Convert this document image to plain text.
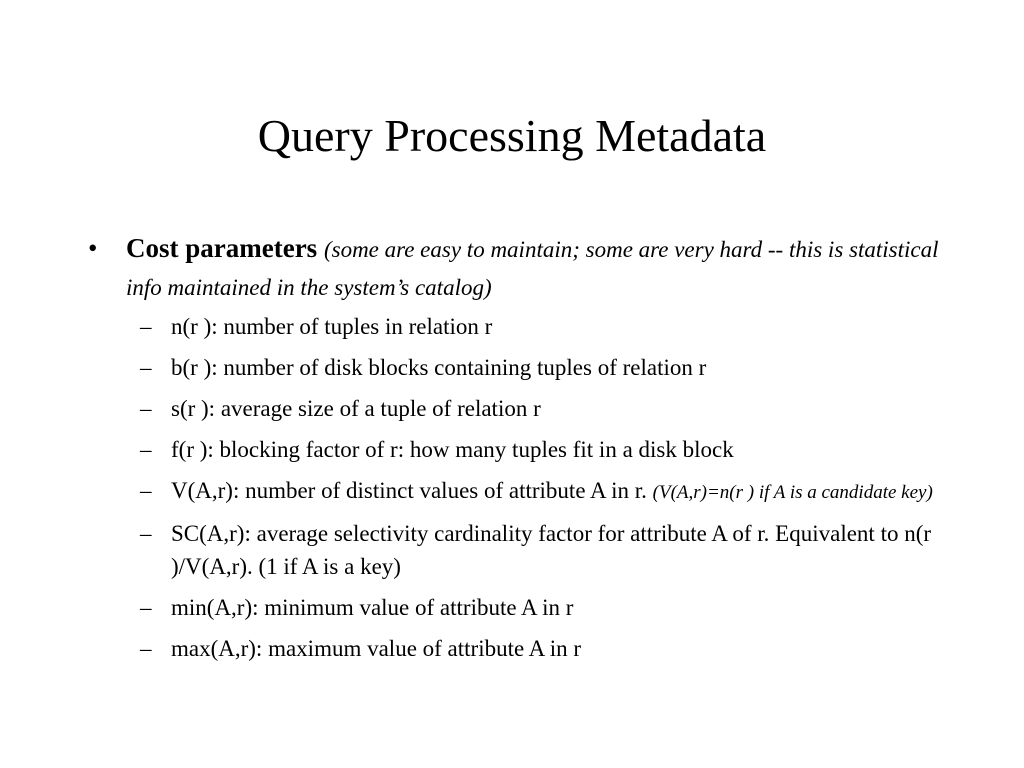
Query Processing Metadata
• Cost parameters (some are easy to maintain; some are very hard -- this is statistical info maintained in the system’s catalog)
– n(r ): number of tuples in relation r
– b(r ): number of disk blocks containing tuples of relation r
– s(r ): average size of a tuple of relation r
– f(r ): blocking factor of r: how many tuples fit in a disk block
– V(A,r): number of distinct values of attribute A in r. (V(A,r)=n(r ) if A is a candidate key)
– SC(A,r): average selectivity cardinality factor for attribute A of r. Equivalent to n(r )/V(A,r). (1 if A is a key)
– min(A,r): minimum value of attribute A in r
– max(A,r): maximum value of attribute A in r
